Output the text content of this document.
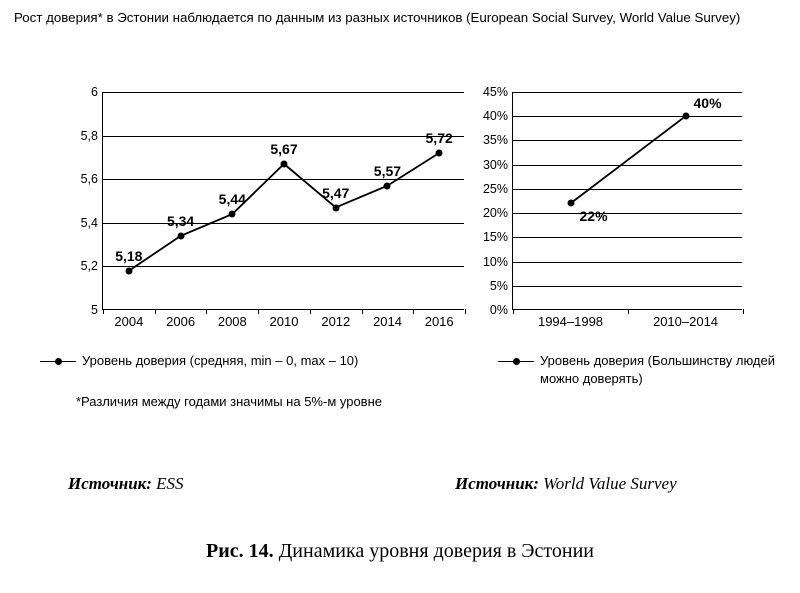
Рост доверия* в Эстонии наблюдается по данным из разных источников (European Social Survey, World Value Survey)
6
5,8
5,6
5,4
5,2
5
2004 2006 2008 2010 2012 2014 2016
5,18
5,34
5,44
5,67
5,47
5,57
5,72
45%
40%
35%
30%
25%
20%
15%
10%
5%
0%
1994–1998	2010–2014
22%
40%
Уровень доверия (средняя, min – 0, max – 10)	Уровень доверия (Большинству людей можно доверять)
*Различия между годами значимы на 5%-м уровне
Источник: ESS	Источник: World Value Survey
Рис. 14. Динамика уровня доверия в Эстонии
